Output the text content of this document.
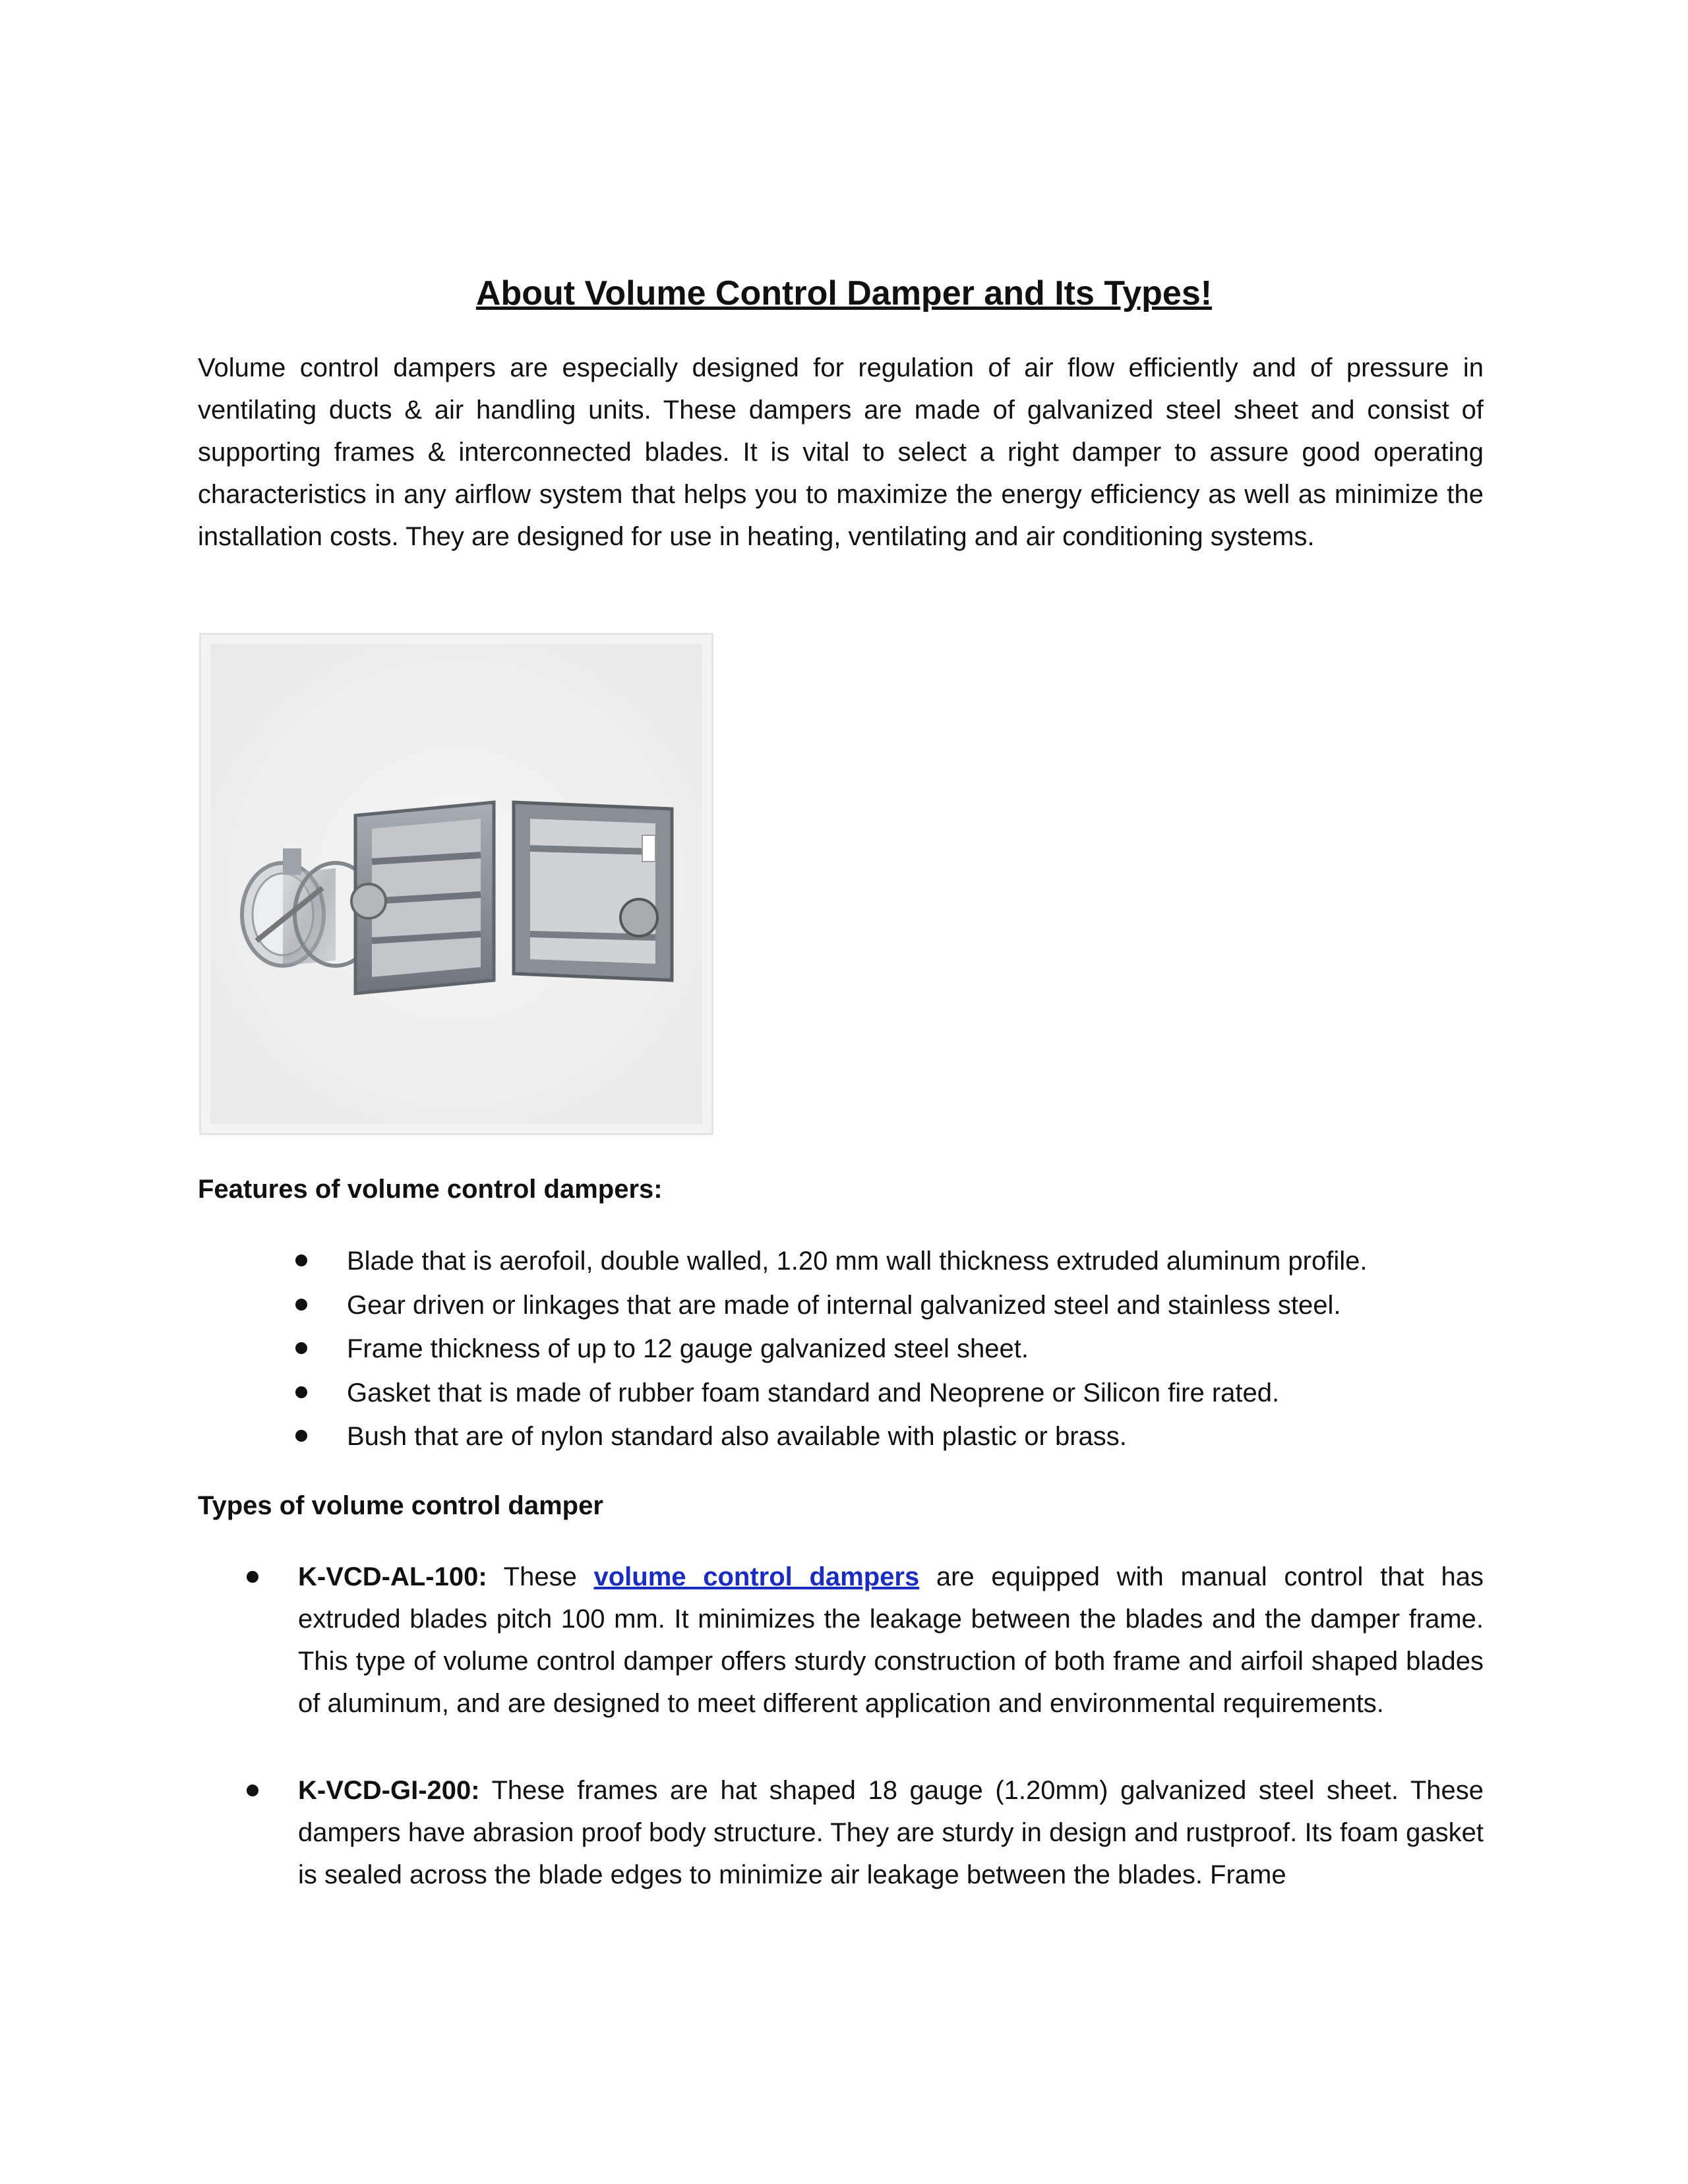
About Volume Control Damper and Its Types!

Volume control dampers are especially designed for regulation of air flow efficiently and of pressure in ventilating ducts & air handling units. These dampers are made of galvanized steel sheet and consist of supporting frames & interconnected blades. It is vital to select a right damper to assure good operating characteristics in any airflow system that helps you to maximize the energy efficiency as well as minimize the installation costs. They are designed for use in heating, ventilating and air conditioning systems.

Features of volume control dampers:

Blade that is aerofoil, double walled, 1.20 mm wall thickness extruded aluminum profile.
Gear driven or linkages that are made of internal galvanized steel and stainless steel.
Frame thickness of up to 12 gauge galvanized steel sheet.
Gasket that is made of rubber foam standard and Neoprene or Silicon fire rated.
Bush that are of nylon standard also available with plastic or brass.

Types of volume control damper

K-VCD-AL-100: These volume control dampers are equipped with manual control that has extruded blades pitch 100 mm. It minimizes the leakage between the blades and the damper frame. This type of volume control damper offers sturdy construction of both frame and airfoil shaped blades of aluminum, and are designed to meet different application and environmental requirements.
K-VCD-GI-200: These frames are hat shaped 18 gauge (1.20mm) galvanized steel sheet. These dampers have abrasion proof body structure. They are sturdy in design and rustproof. Its foam gasket is sealed across the blade edges to minimize air leakage between the blades. Frame
